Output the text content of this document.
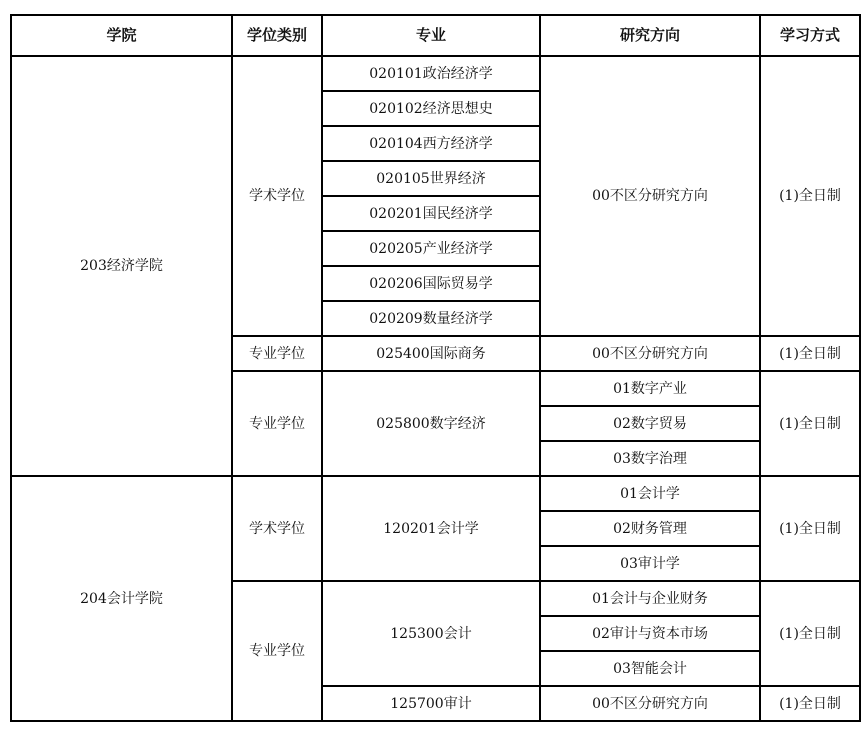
学院	学位类别	专业	研究方向	学习方式
203经济学院	学术学位	020101政治经济学	00不区分研究方向	(1)全日制
		020102经济思想史		
		020104西方经济学		
		020105世界经济		
		020201国民经济学		
		020205产业经济学		
		020206国际贸易学		
		020209数量经济学		
	专业学位	025400国际商务	00不区分研究方向	(1)全日制
	专业学位	025800数字经济	01数字产业	(1)全日制
			02数字贸易	
			03数字治理	
204会计学院	学术学位	120201会计学	01会计学	(1)全日制
			02财务管理	
			03审计学	
	专业学位	125300会计	01会计与企业财务	(1)全日制
			02审计与资本市场	
			03智能会计	
		125700审计	00不区分研究方向	(1)全日制
